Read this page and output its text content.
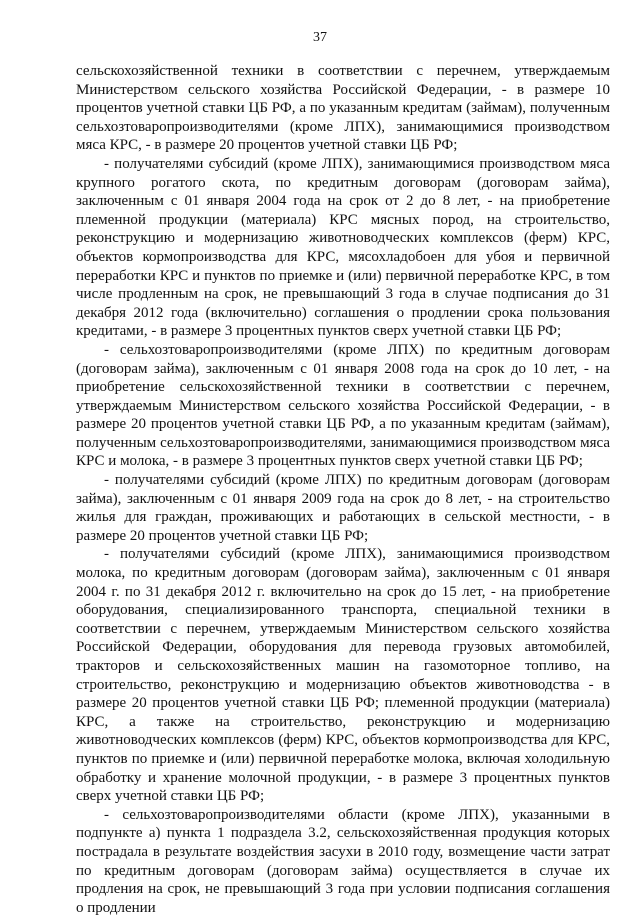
37

сельскохозяйственной техники в соответствии с перечнем, утверждаемым Министерством сельского хозяйства Российской Федерации, - в размере 10 процентов учетной ставки ЦБ РФ, а по указанным кредитам (займам), полученным сельхозтоваропроизводителями (кроме ЛПХ), занимающимися производством мяса КРС, - в размере 20 процентов учетной ставки ЦБ РФ;

- получателями субсидий (кроме ЛПХ), занимающимися производством мяса крупного рогатого скота, по кредитным договорам (договорам займа), заключенным с 01 января 2004 года на срок от 2 до 8 лет, - на приобретение племенной продукции (материала) КРС мясных пород, на строительство, реконструкцию и модернизацию животноводческих комплексов (ферм) КРС, объектов кормопроизводства для КРС, мясохладобоен для убоя и первичной переработки КРС и пунктов по приемке и (или) первичной переработке КРС, в том числе продленным на срок, не превышающий 3 года в случае подписания до 31 декабря 2012 года (включительно) соглашения о продлении срока пользования кредитами, - в размере 3 процентных пунктов сверх учетной ставки ЦБ РФ;

- сельхозтоваропроизводителями (кроме ЛПХ) по кредитным договорам (договорам займа), заключенным с 01 января 2008 года на срок до 10 лет, - на приобретение сельскохозяйственной техники в соответствии с перечнем, утверждаемым Министерством сельского хозяйства Российской Федерации, - в размере 20 процентов учетной ставки ЦБ РФ, а по указанным кредитам (займам), полученным сельхозтоваропроизводителями, занимающимися производством мяса КРС и молока, - в размере 3 процентных пунктов сверх учетной ставки ЦБ РФ;

- получателями субсидий (кроме ЛПХ) по кредитным договорам (договорам займа), заключенным с 01 января 2009 года на срок до 8 лет, - на строительство жилья для граждан, проживающих и работающих в сельской местности, - в размере 20 процентов учетной ставки ЦБ РФ;

- получателями субсидий (кроме ЛПХ), занимающимися производством молока, по кредитным договорам (договорам займа), заключенным с 01 января 2004 г. по 31 декабря 2012 г. включительно на срок до 15 лет, - на приобретение оборудования, специализированного транспорта, специальной техники в соответствии с перечнем, утверждаемым Министерством сельского хозяйства Российской Федерации, оборудования для перевода грузовых автомобилей, тракторов и сельскохозяйственных машин на газомоторное топливо, на строительство, реконструкцию и модернизацию объектов животноводства - в размере 20 процентов учетной ставки ЦБ РФ; племенной продукции (материала) КРС, а также на строительство, реконструкцию и модернизацию животноводческих комплексов (ферм) КРС, объектов кормопроизводства для КРС, пунктов по приемке и (или) первичной переработке молока, включая холодильную обработку и хранение молочной продукции, - в размере 3 процентных пунктов сверх учетной ставки ЦБ РФ;

- сельхозтоваропроизводителями области (кроме ЛПХ), указанными в подпункте а) пункта 1 подраздела 3.2, сельскохозяйственная продукция которых пострадала в результате воздействия засухи в 2010 году, возмещение части затрат по кредитным договорам (договорам займа) осуществляется в случае их продления на срок, не превышающий 3 года при условии подписания соглашения о продлении
